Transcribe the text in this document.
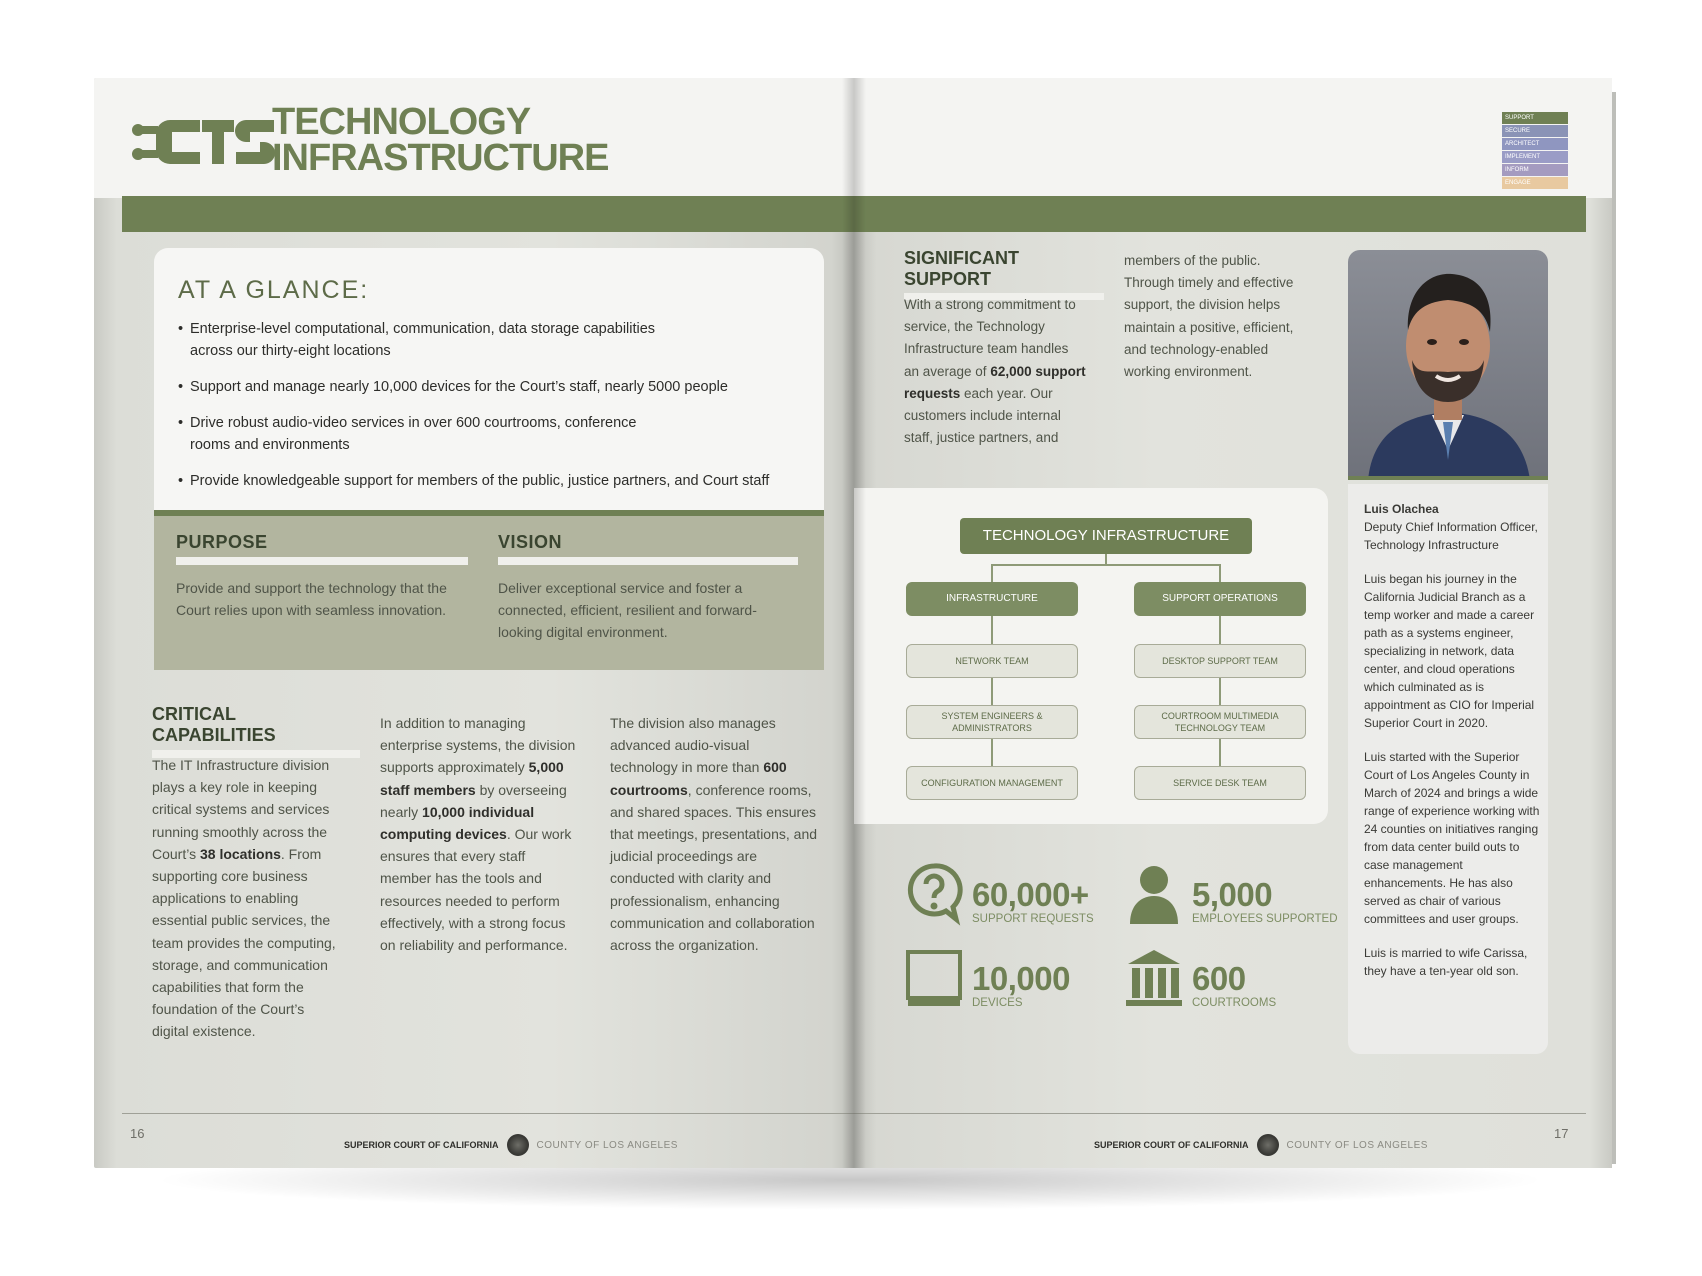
TECHNOLOGY
INFRASTRUCTURE
AT A GLANCE:
• Enterprise-level computational, communication, data storage capabilities across our thirty-eight locations
• Support and manage nearly 10,000 devices for the Court’s staff, nearly 5000 people
• Drive robust audio-video services in over 600 courtrooms, conference rooms and environments
• Provide knowledgeable support for members of the public, justice partners, and Court staff
PURPOSE

Provide and support the technology that the Court relies upon with seamless innovation.

VISION

Deliver exceptional service and foster a connected, efficient, resilient and forward-looking digital environment.

CRITICAL CAPABILITIES
The IT Infrastructure division plays a key role in keeping critical systems and services running smoothly across the Court’s 38 locations. From supporting core business applications to enabling essential public services, the team provides the computing, storage, and communication capabilities that form the foundation of the Court’s digital existence.
In addition to managing enterprise systems, the division supports approximately 5,000 staff members by overseeing nearly 10,000 individual computing devices. Our work ensures that every staff member has the tools and resources needed to perform effectively, with a strong focus on reliability and performance.
The division also manages advanced audio-visual technology in more than 600 courtrooms, conference rooms, and shared spaces. This ensures that meetings, presentations, and judicial proceedings are conducted with clarity and professionalism, enhancing communication and collaboration across the organization.
16
SUPERIOR COURT OF CALIFORNIA	COUNTY OF LOS ANGELES
SUPPORT
SECURE
ARCHITECT
IMPLEMENT
INFORM
ENGAGE
SIGNIFICANT SUPPORT
With a strong commitment to service, the Technology Infrastructure team handles an average of 62,000 support requests each year. Our customers include internal staff, justice partners, and
members of the public. Through timely and effective support, the division helps maintain a positive, efficient, and technology-enabled working environment.

Luis Olachea
Deputy Chief Information Officer, Technology Infrastructure

Luis began his journey in the California Judicial Branch as a temp worker and made a career path as a systems engineer, specializing in network, data center, and cloud operations which culminated as is appointment as CIO for Imperial Superior Court in 2020.

Luis started with the Superior Court of Los Angeles County in March of 2024 and brings a wide range of experience working with 24 counties on initiatives ranging from data center build outs to case management enhancements. He has also served as chair of various committees and user groups.

Luis is married to wife Carissa, they have a ten-year old son.

TECHNOLOGY INFRASTRUCTURE
INFRASTRUCTURE	SUPPORT OPERATIONS
NETWORK TEAM
SYSTEM ENGINEERS & ADMINISTRATORS
CONFIGURATION MANAGEMENT
DESKTOP SUPPORT TEAM
COURTROOM MULTIMEDIA TECHNOLOGY TEAM
SERVICE DESK TEAM
60,000+
SUPPORT REQUESTS
5,000
EMPLOYEES SUPPORTED
10,000
DEVICES
600
COURTROOMS
17
SUPERIOR COURT OF CALIFORNIA	COUNTY OF LOS ANGELES
